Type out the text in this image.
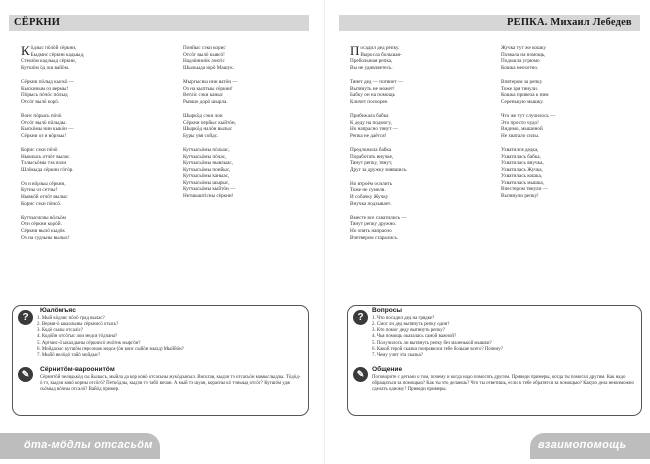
СЁРКНИ
Кӧдзыс пӧлӧй сёркни,
Быдмис сёркни кадыыд,
Стешӧм кадзьыд сёркни,
Кутшӧм ӧд ош вайӧм.
Сёркни пӧлыд кыскӧ —
Кыскиным оз вермы!
Пӧрысь пӧчӧс пӧлыд
Отсӧг вылӧ корӧ.
Вонс пӧрысь пӧчӧ
Отсӧг вылӧ пӧлыды.
Кыскӧмы нин кыкӧн —
Сёркни оз и вӧрзьы!
Корис сэки пӧчӧ
Нывлысь отчӧт вылас.
Тэлысьӧмы тэк вэли
Шлӧкыда сёркни гӧгӧр.
Оз и вӧрзьы сёркни,
Кутны оз сетчы!
Нывкӧй отчӧт вылыс
Корис сэки пӧнсӧ.
Кутчысисны вӧльӧм
Отн сёркни корӧй.
Сёркни вылӧ кыдӧк
Оз на судзьны вылыс!
Понйыс сэки корис
Отсӧг вылӧ кывсӧ!
Надзӧнинӧк локтіс
Шыльыда юрӧ Машук.
Мыргысны нин ватӧн —
Оз на кыптыы сёркни!
Ветліс сэки каныс
Рывшо дорӧ шырла.
Шыркӧд сэки лои
Сёркни перйыс кыйтӧн,
Шыркӧд налӧн вылыс
Буры увя сойдс.
Кутчысьӧмы пӧлыас,
Кутчысьӧмы пӧчас,
Кутчысьӧмы нывлыас,
Кутчысьӧмы понйыс,
Кутчысьӧмы каныас,
Кутчысьӧмы шырыс,
Кутчысьӧмы кыйтӧн —
Нетшыштісны сёркни!
?
Юалӧмъяс
1. Мый кӧдзис пӧлӧ град вылас?
2. Верми-ӧ ыкаолыны сёркнисӧ отысь?
3. Кодӧ сылы отсаліс?
4. Кодӧйн отсӧгыс лои медся тӧдчана?
5. Артмис-ӧ ыкалдыны сёркнисӧ ичӧтик мыргӧн?
6. Мойдасыс кутшӧм персонаж медся (ӧн коис сыйӧн мылд) Мыййӧн?
7. Мыйӧ велӧдӧ тайӧ мойдыс?
✎	Сёрнитӧм-вароонитӧм
Сёрнитӧй челядькӧд сы йылысь, мыйла да кор ковӧ отсасьны мукӧдъясыл. Висьтав, кыдзи тэ отсасьӧн мамыслыдлы. Тӧдӧд-ӧ тэ, кыдзи ковӧ корны отсӧгӧ? Петкӧдлы, кыдзи тэ табӧ вочан. А мый тэ шуан, корасны кӧ тэныыд отсӧг? Кутшӧм удж сьӧмыд вӧчны отсалӧ? Вайӧд пример.
ӧтa-мӧдлы отсасьӧм
РЕПКА. Михаил Лебедев
Посадил дед репку.
Выросла большая-
Преболыная репка,
Вы не удивляетесь.
Тянет дед — потянет —
Вытянуть не может!
Бабку он на помощь
Кличет поскорее.
Прибежала бабка
К деду на подмогу,
Но напрасно тянут —
Репка не даётся!
Предложила бабка
Поработать внучке,
Тянут репку, тянут,
Друг за дружку взявшись.
Но втроём осилить
Тоже не сумели.
И собачку Жучку
Внучка подзывает.
Вместе все схватились —
Тянут репку дружно.
Но опять напрасно
Вчетвером старались.
Жучка тут же кошку
Позвала на помощь,
Подошла угрюмо
Кошка неохотно.
Впятером за репку
Тоже зря тянули.
Кошка привела к ним
Серенькую мышку.
Что же тут случилось —
Это просто чудо!
Видимо, мышиной
Не хватало силы.
Ухватился дедка,
Ухватилась бабка,
Ухватилась внучка,
Ухватилась Жучка,
Ухватилась кошка,
Ухватилась мышка,
Впестером тянули —
Вытянули репку!
?
Вопросы
1. Что посадил дед на грядке?
2. Смог ли дед вытянуть репку один?
3. Кто помог деду вытянуть репку?
4. Чья помощь оказалась самой важной?
5. Получилось ли вытянуть репку без маленькой мышки?
6. Какой герой сказки понравился тебе больше всего? Почему?
7. Чему учит эта сказка?
✎	Общение
Поговорите с детьми о том, почему и когда надо помогать другим. Приведи примеры, когда ты помогал другим. Как надо обращаться за помощью? Как ты это делаешь? Что ты ответишь, если к тебе обратятся за помощью? Какую дела невозможно сделать одному? Приведи примеры.
взаимопомощь
